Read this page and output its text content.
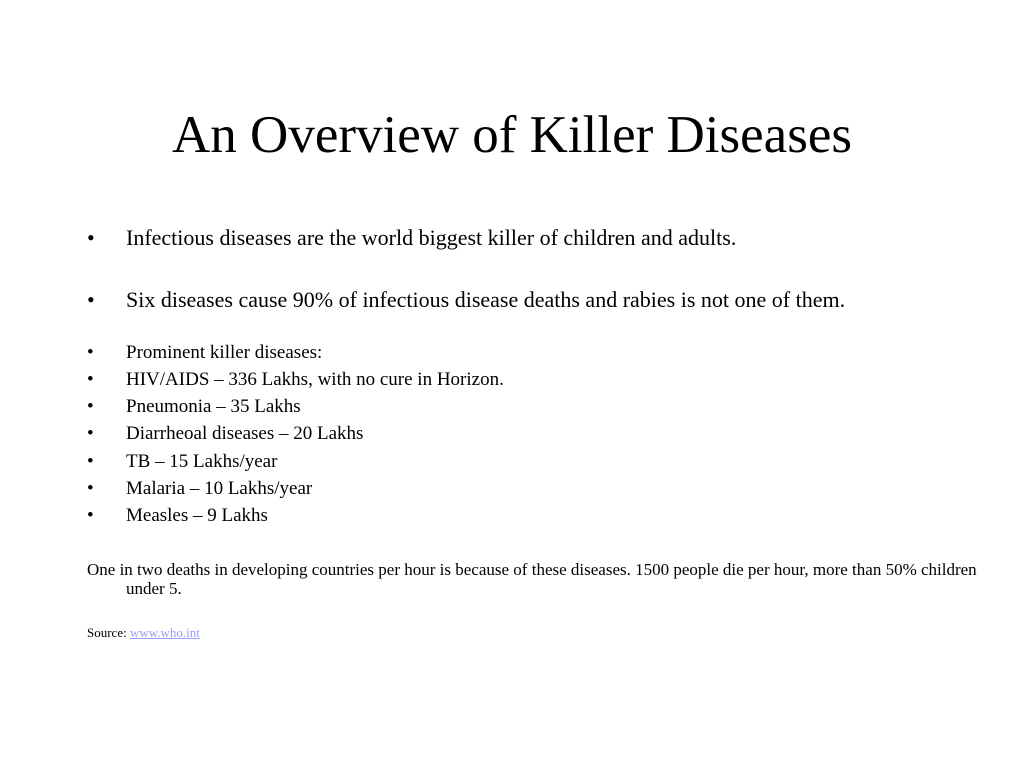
An Overview of Killer Diseases
•	Infectious diseases are the world biggest killer of children and adults.
•	Six diseases cause 90% of infectious disease deaths and rabies is not one of them.
•	Prominent killer diseases:
•	HIV/AIDS – 336 Lakhs, with no cure in Horizon.
•	Pneumonia – 35 Lakhs
•	Diarrheoal diseases – 20 Lakhs
•	TB – 15 Lakhs/year
•	Malaria – 10 Lakhs/year
•	Measles – 9 Lakhs
One in two deaths in developing countries per hour is because of these diseases. 1500 people die per hour, more than 50% children under 5.
Source: www.who.int
